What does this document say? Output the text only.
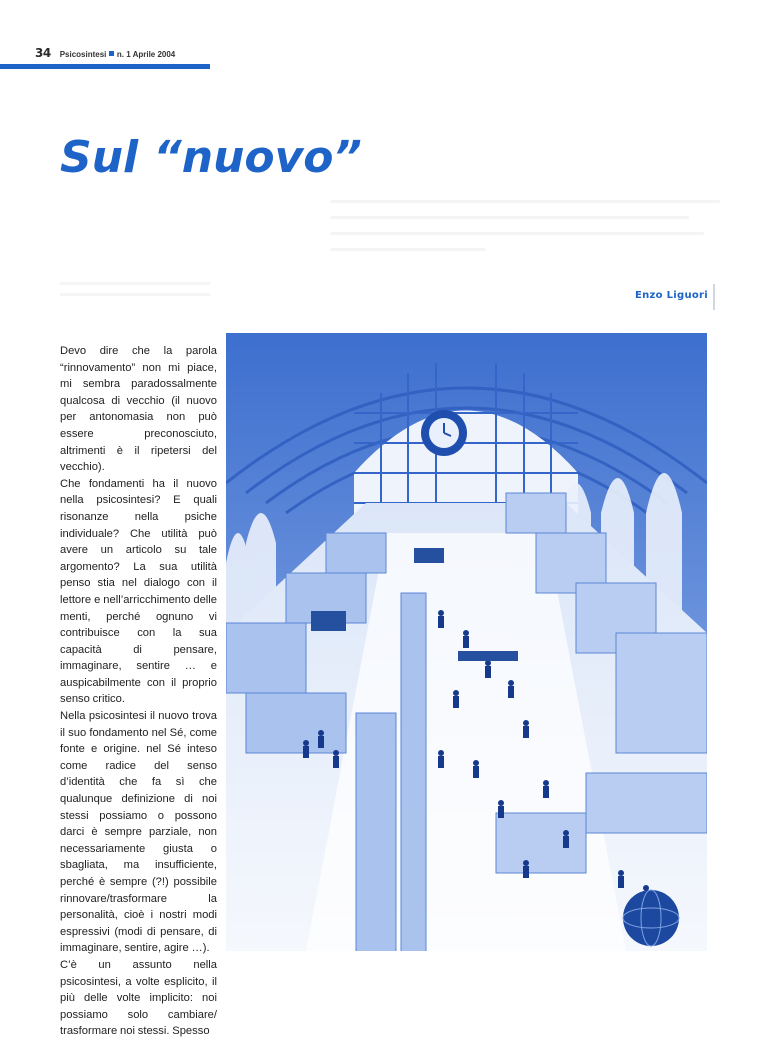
34 Psicosintesi n. 1 Aprile 2004
Sul “nuovo”
Enzo Liguori

Devo dire che la parola “rinnovamento” non mi piace, mi sembra paradossalmente qualcosa di vecchio (il nuovo per antonomasia non può essere preconosciuto, altrimenti è il ripetersi del vecchio).

Che fondamenti ha il nuovo nella psicosintesi? E quali risonanze nella psiche individuale? Che utilità può avere un articolo su tale argomento? La sua utilità penso stia nel dialogo con il lettore e nell’arricchimento delle menti, perché ognuno vi contribuisce con la sua capacità di pensare, immaginare, sentire … e auspicabilmente con il proprio senso critico.

Nella psicosintesi il nuovo trova il suo fondamento nel Sé, come fonte e origine. nel Sé inteso come radice del senso d’identità che fa sì che qualunque definizione di noi stessi possiamo o possono darci è sempre parziale, non necessariamente giusta o sbagliata, ma insufficiente, perché è sempre (?!) possibile rinnovare/trasformare la personalità, cioè i nostri modi espressivi (modi di pensare, di immaginare, sentire, agire …).

C’è un assunto nella psicosintesi, a volte esplicito, il più delle volte implicito: noi possiamo solo cambiare/ trasformare noi stessi. Spesso
